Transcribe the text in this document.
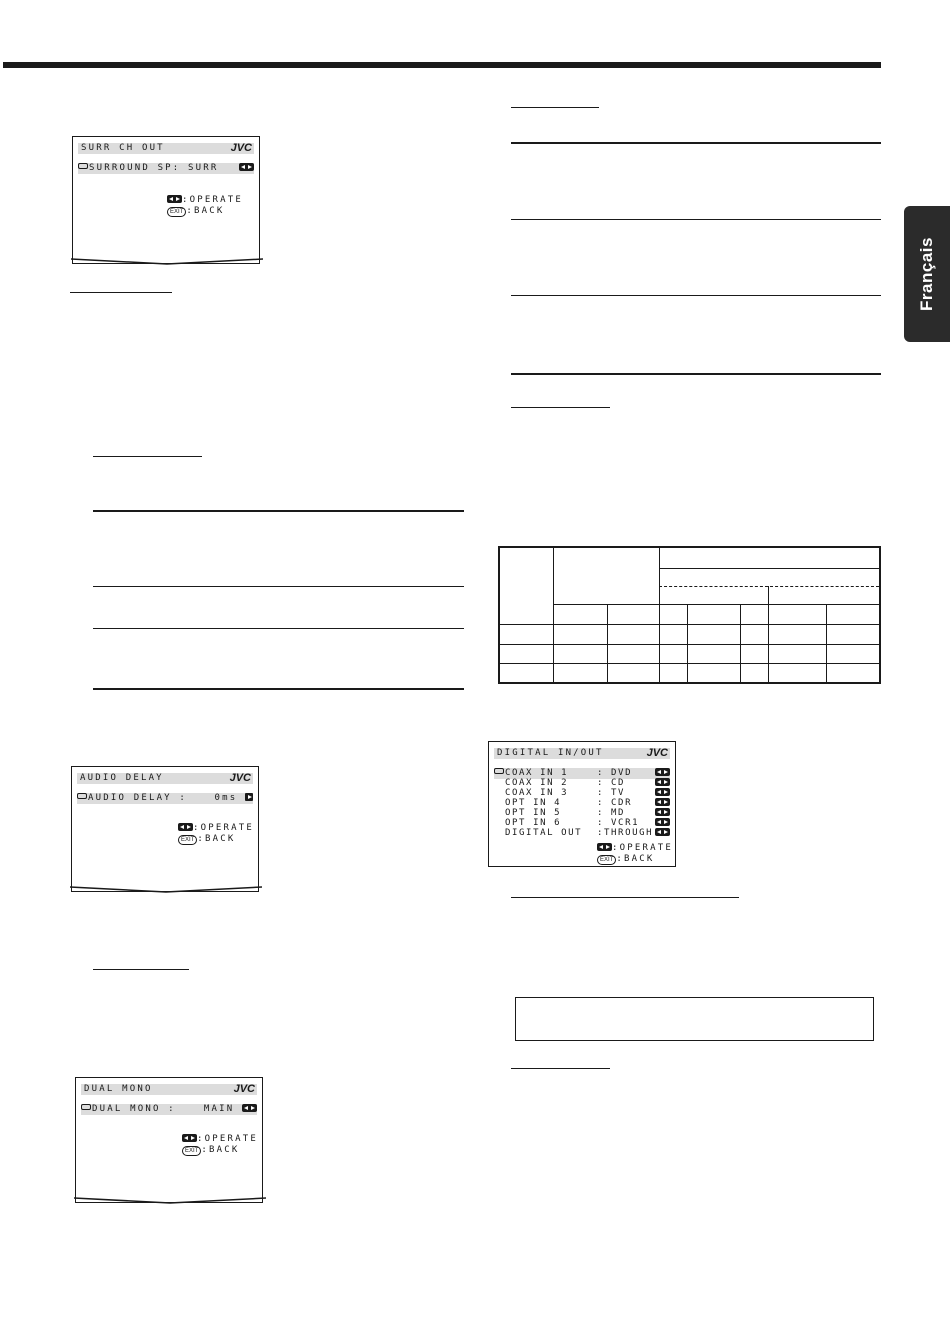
Français
SURR CH OUT	JVC
SURROUND SP: SURR
:OPERATE
EXIT :BACK
AUDIO DELAY	JVC
AUDIO DELAY :	0ms
:OPERATE
EXIT :BACK
DUAL MONO	JVC
DUAL MONO :	MAIN
:OPERATE
EXIT :BACK
DIGITAL IN/OUT	JVC
COAX IN 1	: DVD
COAX IN 2	: CD
COAX IN 3	: TV
OPT IN 4	: CDR
OPT IN 5	: MD
OPT IN 6	: VCR1
DIGITAL OUT :THROUGH
:OPERATE
EXIT :BACK
